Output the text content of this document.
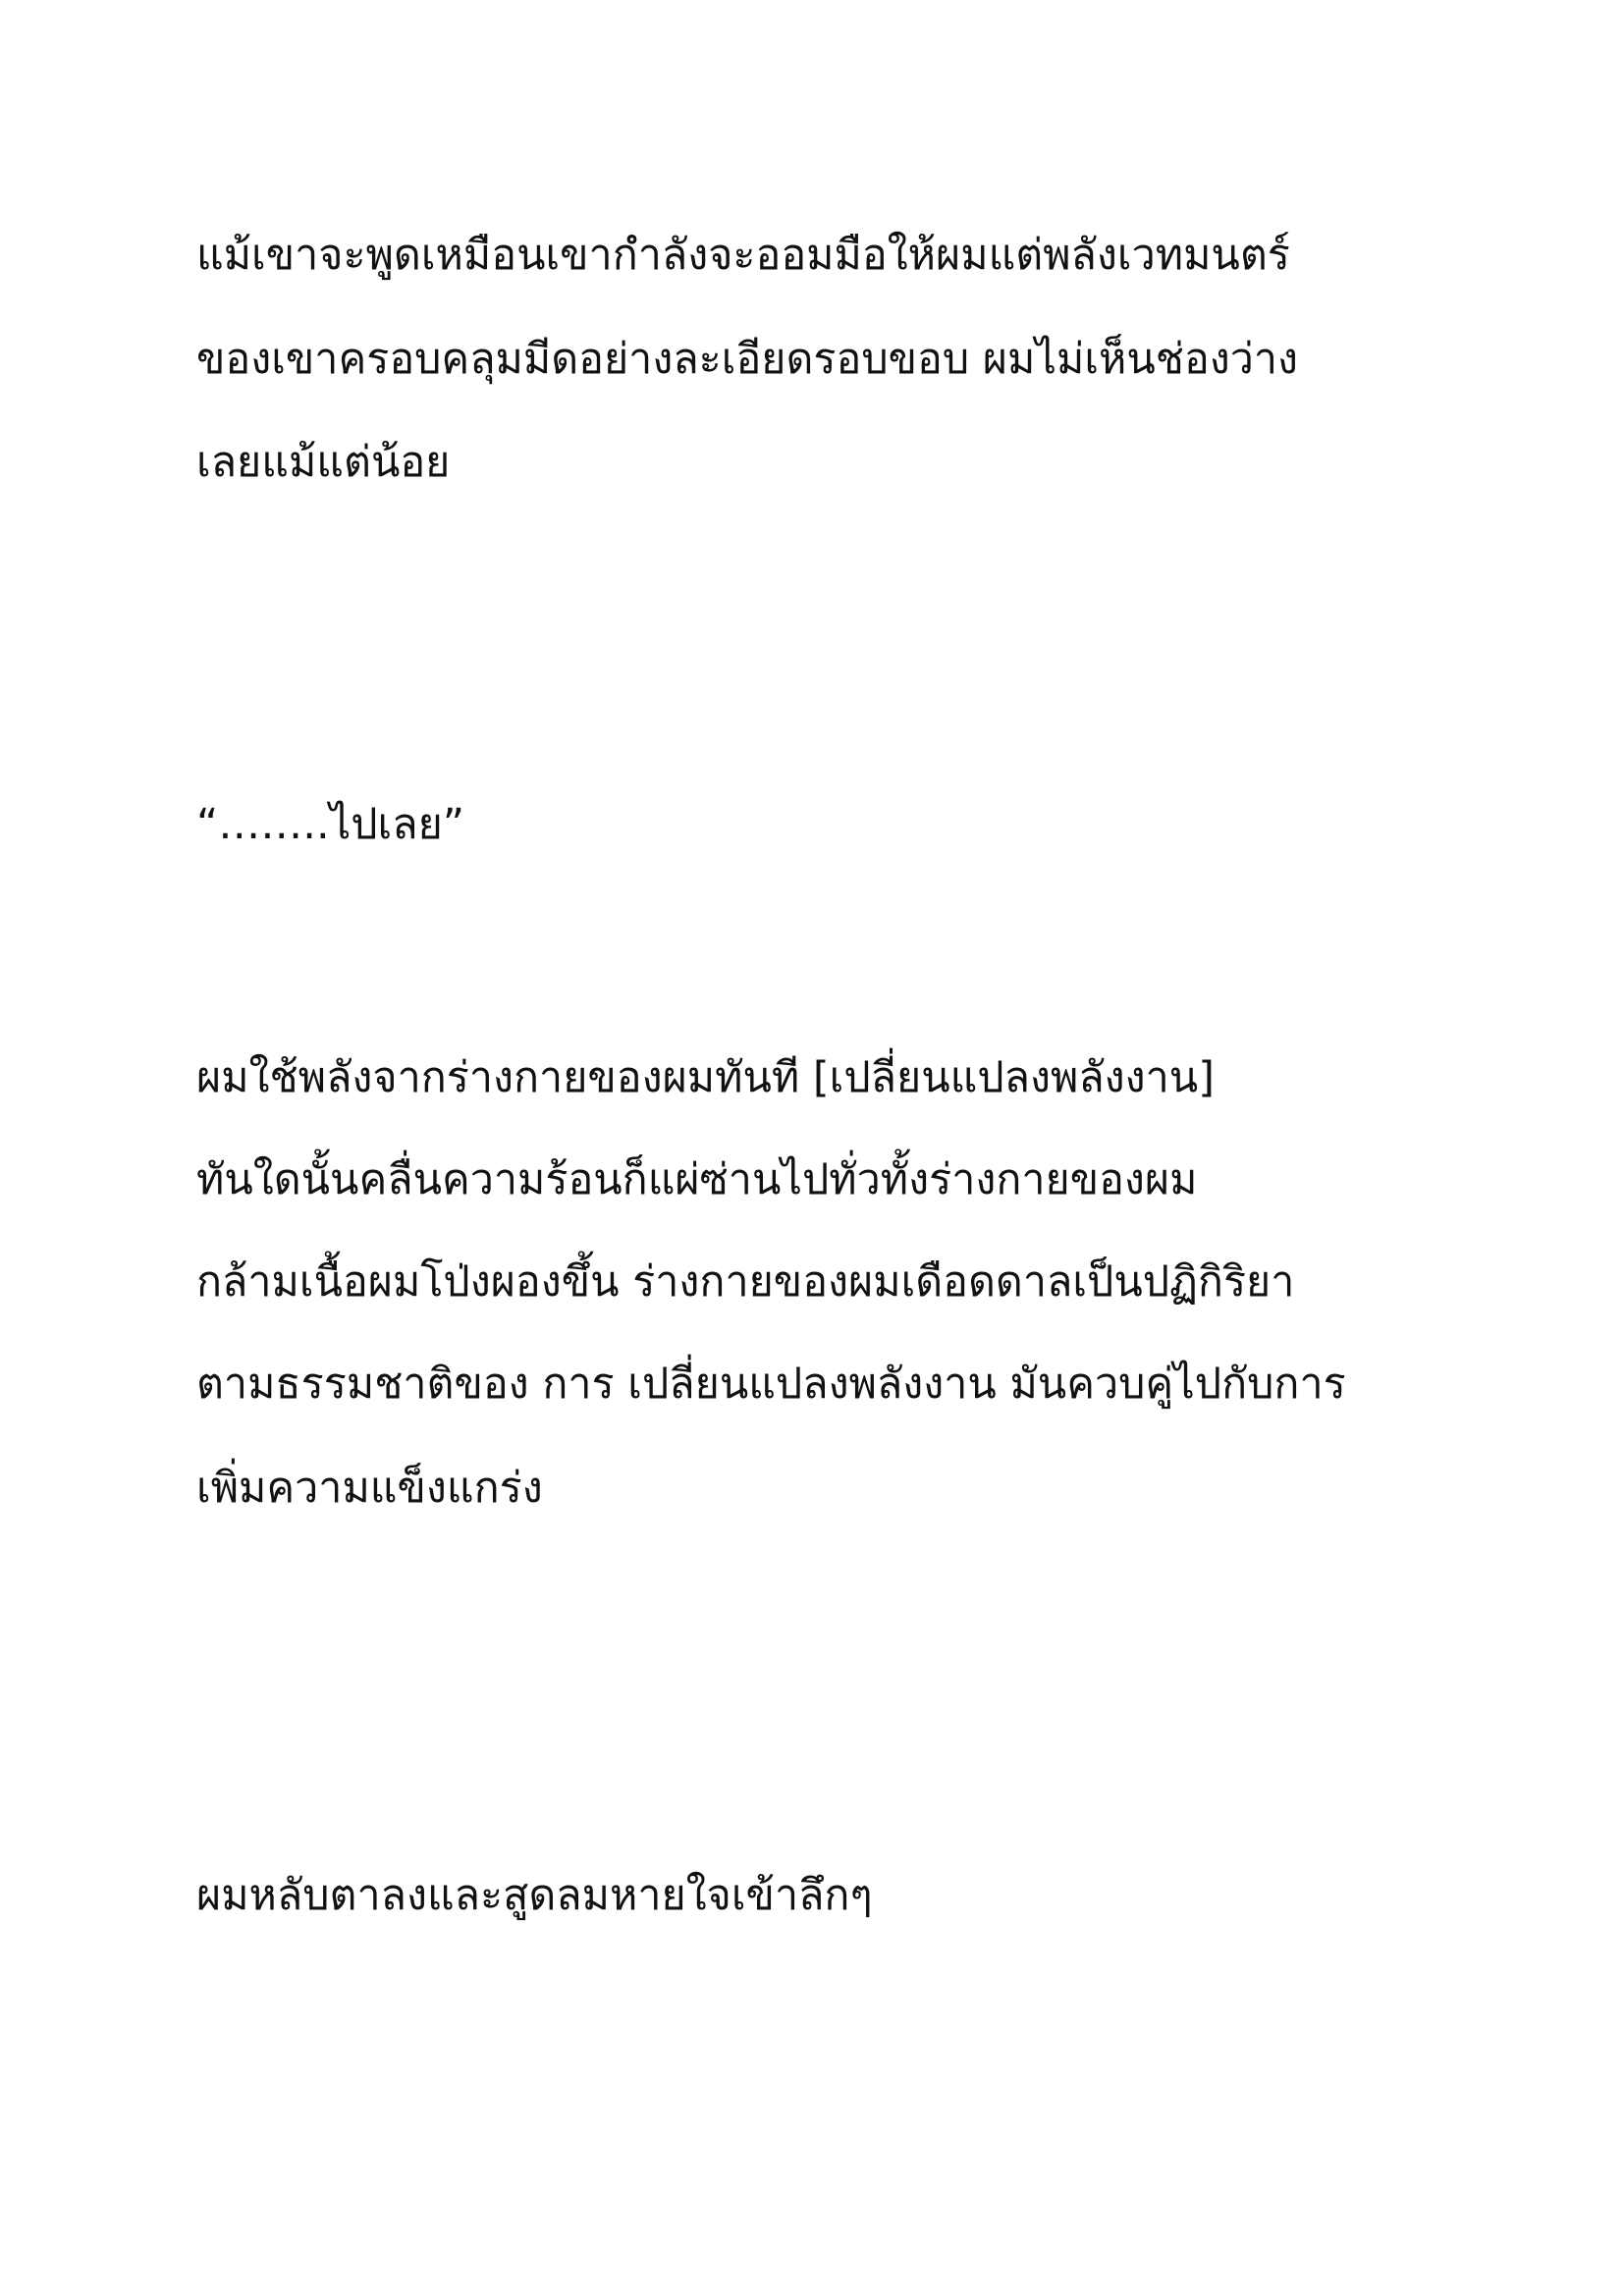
แม้เขาจะพูดเหมือนเขากำลังจะออมมือให้ผมแต่พลังเวทมนตร์

ของเขาครอบคลุมมีดอย่างละเอียดรอบขอบ ผมไม่เห็นช่องว่าง

เลยแม้แต่น้อย

“……..ไปเลย”

ผมใช้พลังจากร่างกายของผมทันที [เปลี่ยนแปลงพลังงาน]

ทันใดนั้นคลื่นความร้อนก็แผ่ซ่านไปทั่วทั้งร่างกายของผม

กล้ามเนื้อผมโป่งผองขึ้น ร่างกายของผมเดือดดาลเป็นปฏิกิริยา

ตามธรรมชาติของ การ เปลี่ยนแปลงพลังงาน มันควบคู่ไปกับการ

เพิ่มความแข็งแกร่ง

ผมหลับตาลงและสูดลมหายใจเข้าลึกๆ
